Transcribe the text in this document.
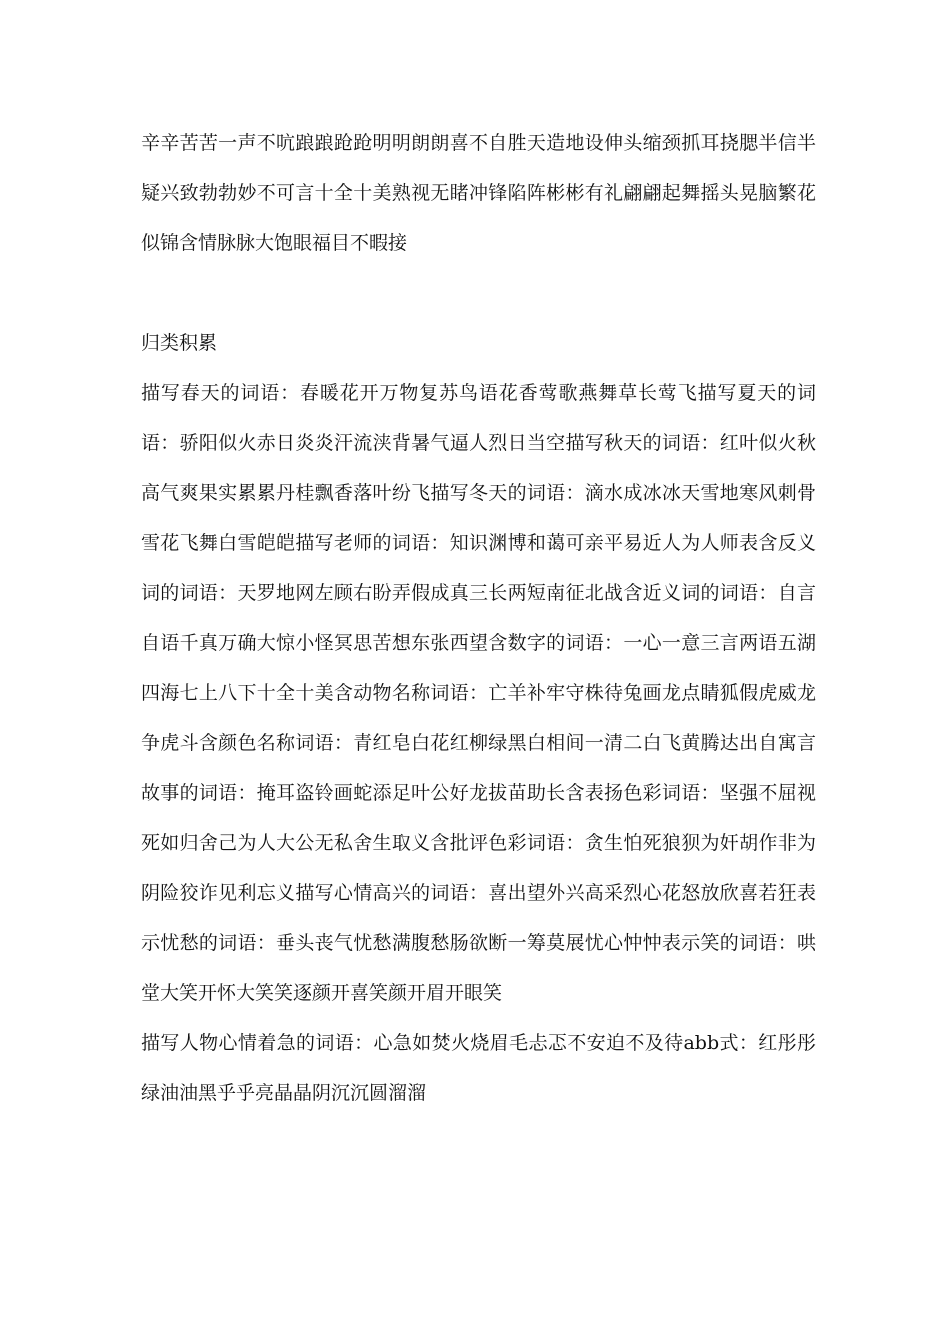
辛辛苦苦一声不吭踉踉跄跄明明朗朗喜不自胜天造地设伸头缩颈抓耳挠腮半信半疑兴致勃勃妙不可言十全十美熟视无睹冲锋陷阵彬彬有礼翩翩起舞摇头晃脑繁花似锦含情脉脉大饱眼福目不暇接

归类积累

描写春天的词语：春暖花开万物复苏鸟语花香莺歌燕舞草长莺飞描写夏天的词语：骄阳似火赤日炎炎汗流浃背暑气逼人烈日当空描写秋天的词语：红叶似火秋高气爽果实累累丹桂飘香落叶纷飞描写冬天的词语：滴水成冰冰天雪地寒风刺骨雪花飞舞白雪皑皑描写老师的词语：知识渊博和蔼可亲平易近人为人师表含反义词的词语：天罗地网左顾右盼弄假成真三长两短南征北战含近义词的词语：自言自语千真万确大惊小怪冥思苦想东张西望含数字的词语：一心一意三言两语五湖四海七上八下十全十美含动物名称词语：亡羊补牢守株待兔画龙点睛狐假虎威龙争虎斗含颜色名称词语：青红皂白花红柳绿黑白相间一清二白飞黄腾达出自寓言故事的词语：掩耳盗铃画蛇添足叶公好龙拔苗助长含表扬色彩词语：坚强不屈视死如归舍己为人大公无私舍生取义含批评色彩词语：贪生怕死狼狈为奸胡作非为阴险狡诈见利忘义描写心情高兴的词语：喜出望外兴高采烈心花怒放欣喜若狂表示忧愁的词语：垂头丧气忧愁满腹愁肠欲断一筹莫展忧心忡忡表示笑的词语：哄堂大笑开怀大笑笑逐颜开喜笑颜开眉开眼笑

描写人物心情着急的词语：心急如焚火烧眉毛忐忑不安迫不及待abb式：红彤彤绿油油黑乎乎亮晶晶阴沉沉圆溜溜
